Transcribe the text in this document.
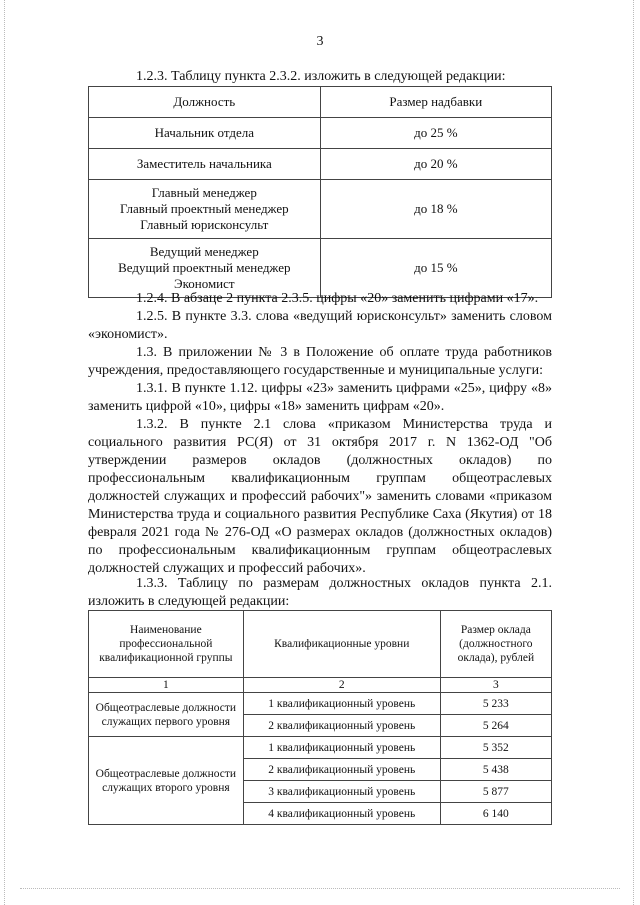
3
1.2.3. Таблицу пункта 2.3.2. изложить в следующей редакции:
Должность	Размер надбавки

Начальник отдела	до 25 %

Заместитель начальника	до 20 %

Главный менеджер
Главный проектный менеджер
Главный юрисконсульт	до 18 %

Ведущий менеджер
Ведущий проектный менеджер
Экономист	до 15 %
1.2.4. В абзаце 2 пункта 2.3.5. цифры «20» заменить цифрами «17».
1.2.5. В пункте 3.3. слова «ведущий юрисконсульт» заменить словом «экономист».
1.3. В приложении № 3 в Положение об оплате труда работников учреждения, предоставляющего государственные и муниципальные услуги:
1.3.1. В пункте 1.12. цифры «23» заменить цифрами «25», цифру «8» заменить цифрой «10», цифры «18» заменить цифрам «20».
1.3.2. В пункте 2.1 слова «приказом Министерства труда и социального развития РС(Я) от 31 октября 2017 г. N 1362-ОД "Об утверждении размеров окладов (должностных окладов) по профессиональным квалификационным группам общеотраслевых должностей служащих и профессий рабочих"» заменить словами «приказом Министерства труда и социального развития Республике Саха (Якутия) от 18 февраля 2021 года № 276-ОД «О размерах окладов (должностных окладов) по профессиональным квалификационным группам общеотраслевых должностей служащих и профессий рабочих».
1.3.3. Таблицу по размерам должностных окладов пункта 2.1. изложить в следующей редакции:
Наименование профессиональной квалификационной группы	Квалификационные уровни	Размер оклада (должностного оклада), рублей
1	2	3
Общеотраслевые должности служащих первого уровня	1 квалификационный уровень	5 233
	2 квалификационный уровень	5 264
Общеотраслевые должности служащих второго уровня	1 квалификационный уровень	5 352
	2 квалификационный уровень	5 438
	3 квалификационный уровень	5 877
	4 квалификационный уровень	6 140
